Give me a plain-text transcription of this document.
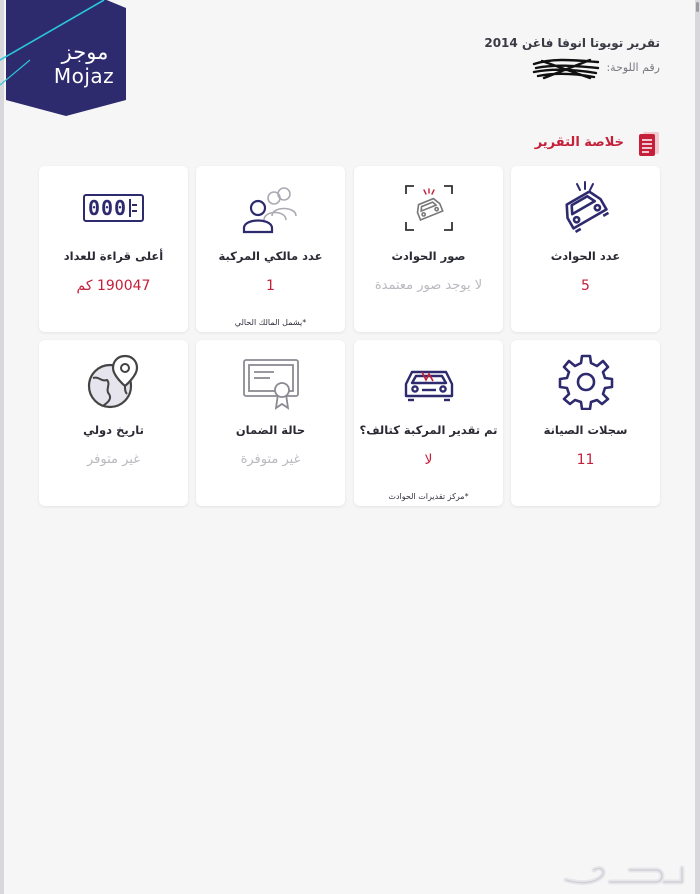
موجز
Mojaz
تقرير تويوتا انوفا فاغن 2014
رقم اللوحة:
خلاصة التقرير
عدد الحوادث
5
صور الحوادث
لا يوجد صور معتمدة
عدد مالكي المركبة
1
*يشمل المالك الحالي
000
أعلى قراءة للعداد
190047 كم
سجلات الصيانة
11
تم تقدير المركبة كتالف؟
لا
*مركز تقديرات الحوادث
حالة الضمان
غير متوفرة
تاريخ دولي
غير متوفر
